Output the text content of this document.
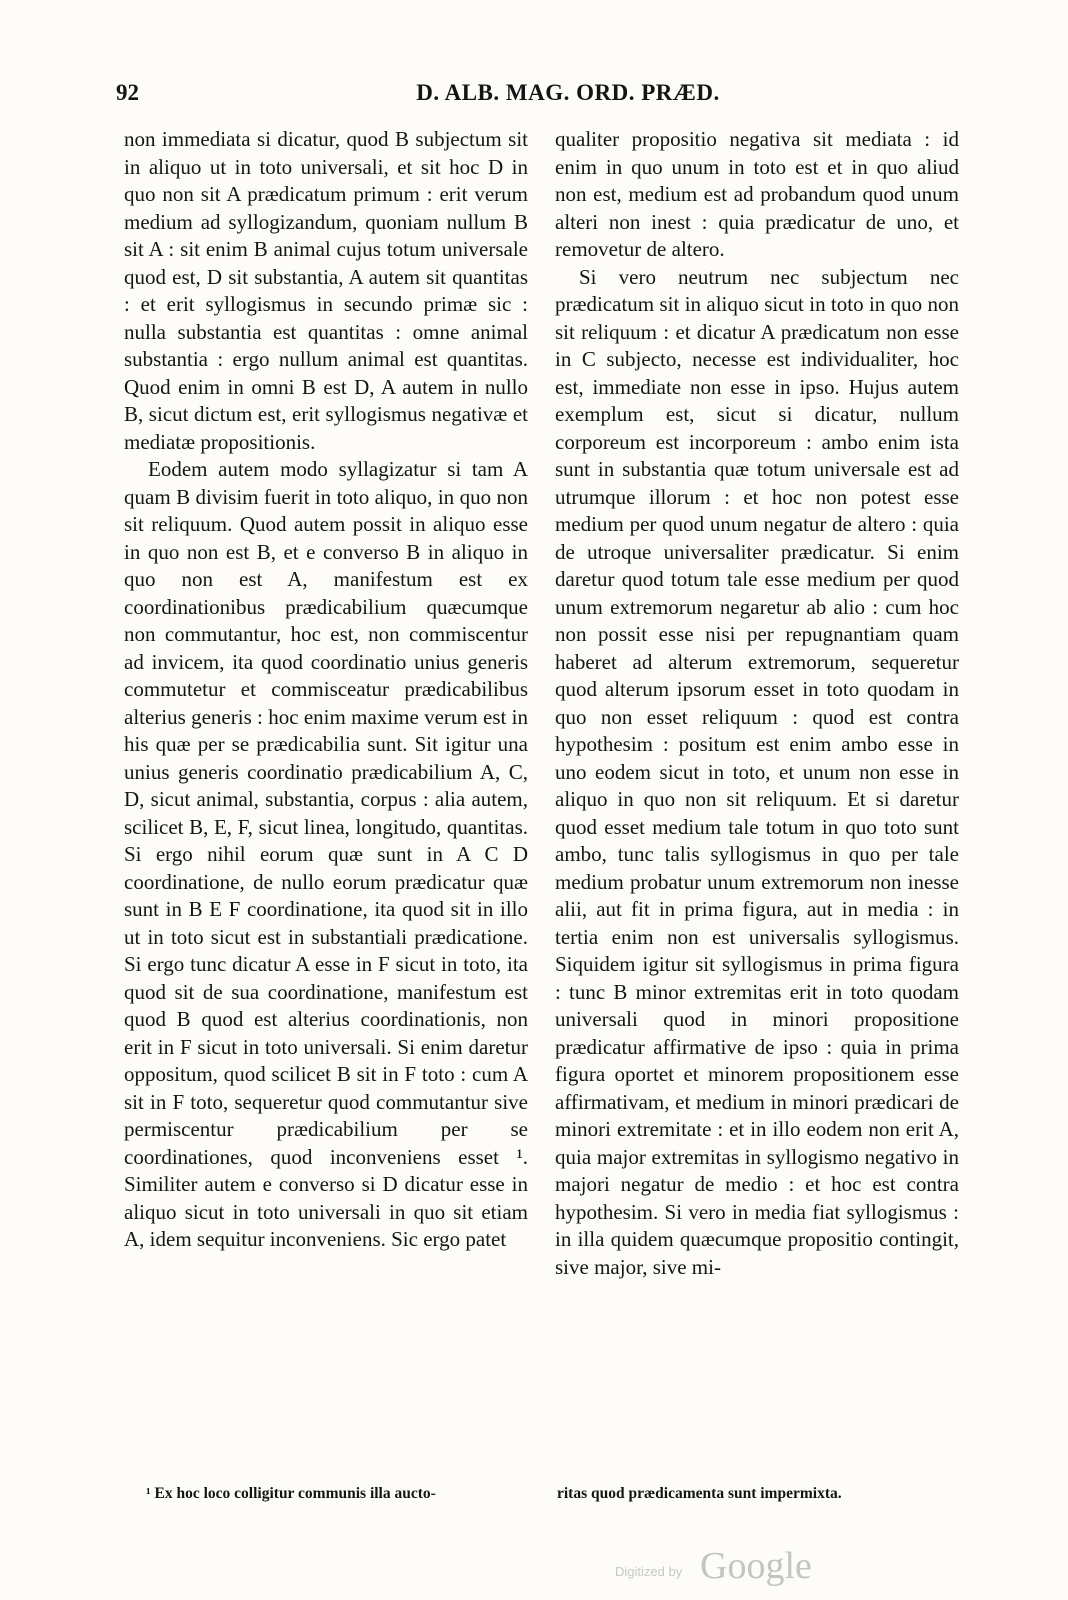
92	D. ALB. MAG. ORD. PRÆD.

non immediata si dicatur, quod B subjectum sit in aliquo ut in toto universali, et sit hoc D in quo non sit A prædicatum primum : erit verum medium ad syllogizandum, quoniam nullum B sit A : sit enim B animal cujus totum universale quod est, D sit substantia, A autem sit quantitas : et erit syllogismus in secundo primæ sic : nulla substantia est quantitas : omne animal substantia : ergo nullum animal est quantitas. Quod enim in omni B est D, A autem in nullo B, sicut dictum est, erit syllogismus negativæ et mediatæ propositionis.

Eodem autem modo syllagizatur si tam A quam B divisim fuerit in toto aliquo, in quo non sit reliquum. Quod autem possit in aliquo esse in quo non est B, et e converso B in aliquo in quo non est A, manifestum est ex coordinationibus prædicabilium quæcumque non commutantur, hoc est, non commiscentur ad invicem, ita quod coordinatio unius generis commutetur et commisceatur prædicabilibus alterius generis : hoc enim maxime verum est in his quæ per se prædicabilia sunt. Sit igitur una unius generis coordinatio prædicabilium A, C, D, sicut animal, substantia, corpus : alia autem, scilicet B, E, F, sicut linea, longitudo, quantitas. Si ergo nihil eorum quæ sunt in A C D coordinatione, de nullo eorum prædicatur quæ sunt in B E F coordinatione, ita quod sit in illo ut in toto sicut est in substantiali prædicatione. Si ergo tunc dicatur A esse in F sicut in toto, ita quod sit de sua coordinatione, manifestum est quod B quod est alterius coordinationis, non erit in F sicut in toto universali. Si enim daretur oppositum, quod scilicet B sit in F toto : cum A sit in F toto, sequeretur quod commutantur sive permiscentur prædicabilium per se coordinationes, quod inconveniens esset ¹. Similiter autem e converso si D dicatur esse in aliquo sicut in toto universali in quo sit etiam A, idem sequitur inconveniens. Sic ergo patet

qualiter propositio negativa sit mediata : id enim in quo unum in toto est et in quo aliud non est, medium est ad probandum quod unum alteri non inest : quia prædicatur de uno, et removetur de altero.

Si vero neutrum nec subjectum nec prædicatum sit in aliquo sicut in toto in quo non sit reliquum : et dicatur A prædicatum non esse in C subjecto, necesse est individualiter, hoc est, immediate non esse in ipso. Hujus autem exemplum est, sicut si dicatur, nullum corporeum est incorporeum : ambo enim ista sunt in substantia quæ totum universale est ad utrumque illorum : et hoc non potest esse medium per quod unum negatur de altero : quia de utroque universaliter prædicatur. Si enim daretur quod totum tale esse medium per quod unum extremorum negaretur ab alio : cum hoc non possit esse nisi per repugnantiam quam haberet ad alterum extremorum, sequeretur quod alterum ipsorum esset in toto quodam in quo non esset reliquum : quod est contra hypothesim : positum est enim ambo esse in uno eodem sicut in toto, et unum non esse in aliquo in quo non sit reliquum. Et si daretur quod esset medium tale totum in quo toto sunt ambo, tunc talis syllogismus in quo per tale medium probatur unum extremorum non inesse alii, aut fit in prima figura, aut in media : in tertia enim non est universalis syllogismus. Siquidem igitur sit syllogismus in prima figura : tunc B minor extremitas erit in toto quodam universali quod in minori propositione prædicatur affirmative de ipso : quia in prima figura oportet et minorem propositionem esse affirmativam, et medium in minori prædicari de minori extremitate : et in illo eodem non erit A, quia major extremitas in syllogismo negativo in majori negatur de medio : et hoc est contra hypothesim. Si vero in media fiat syllogismus : in illa quidem quæcumque propositio contingit, sive major, sive mi-

¹ Ex hoc loco colligitur communis illa aucto-	ritas quod prædicamenta sunt impermixta.
Digitized by Google
